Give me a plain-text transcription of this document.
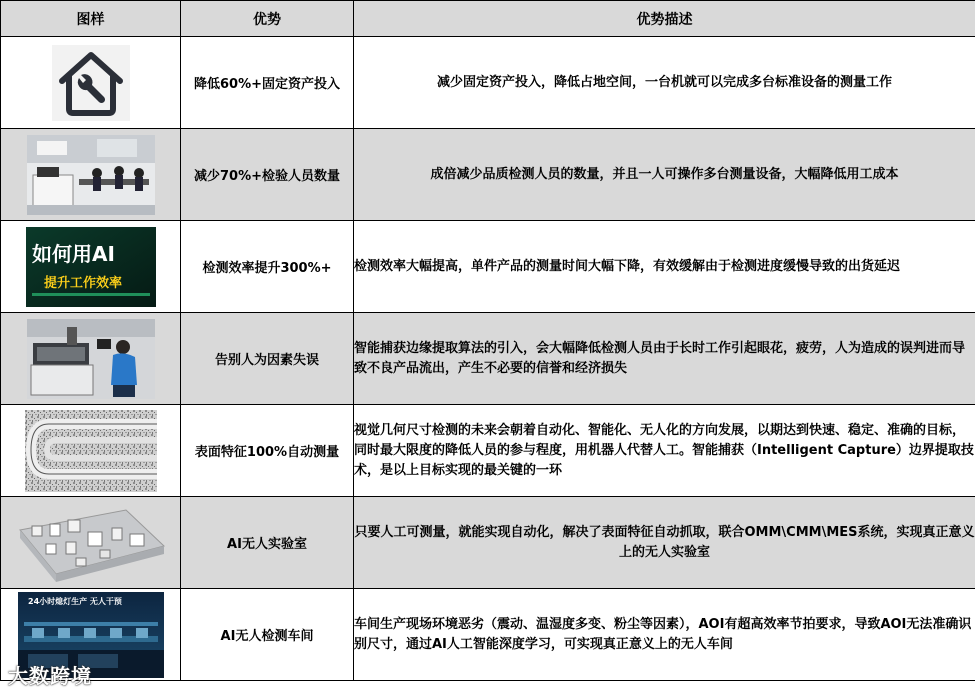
图样	优势	优势描述

	降低60%+固定资产投入	减少固定资产投入，降低占地空间，一台机就可以完成多台标准设备的测量工作

	减少70%+检验人员数量	成倍减少品质检测人员的数量，并且一人可操作多台测量设备，大幅降低用工成本

如何用AI
提升工作效率	检测效率提升300%+	检测效率大幅提高，单件产品的测量时间大幅下降，有效缓解由于检测进度缓慢导致的出货延迟

	告别人为因素失误	智能捕获边缘提取算法的引入，会大幅降低检测人员由于长时工作引起眼花，疲劳，人为造成的误判进而导致不良产品流出，产生不必要的信誉和经济损失

	表面特征100%自动测量	视觉几何尺寸检测的未来会朝着自动化、智能化、无人化的方向发展，以期达到快速、稳定、准确的目标，同时最大限度的降低人员的参与程度，用机器人代替人工。智能捕获（Intelligent Capture）边界提取技术，是以上目标实现的最关键的一环

	AI无人实验室	只要人工可测量，就能实现自动化，解决了表面特征自动抓取，联合OMM\CMM\MES系统，实现真正意义上的无人实验室

24小时熄灯生产 无人干预	AI无人检测车间	车间生产现场环境恶劣（震动、温湿度多变、粉尘等因素），AOI有超高效率节拍要求，导致AOI无法准确识别尺寸，通过AI人工智能深度学习，可实现真正意义上的无人车间
大数跨境
